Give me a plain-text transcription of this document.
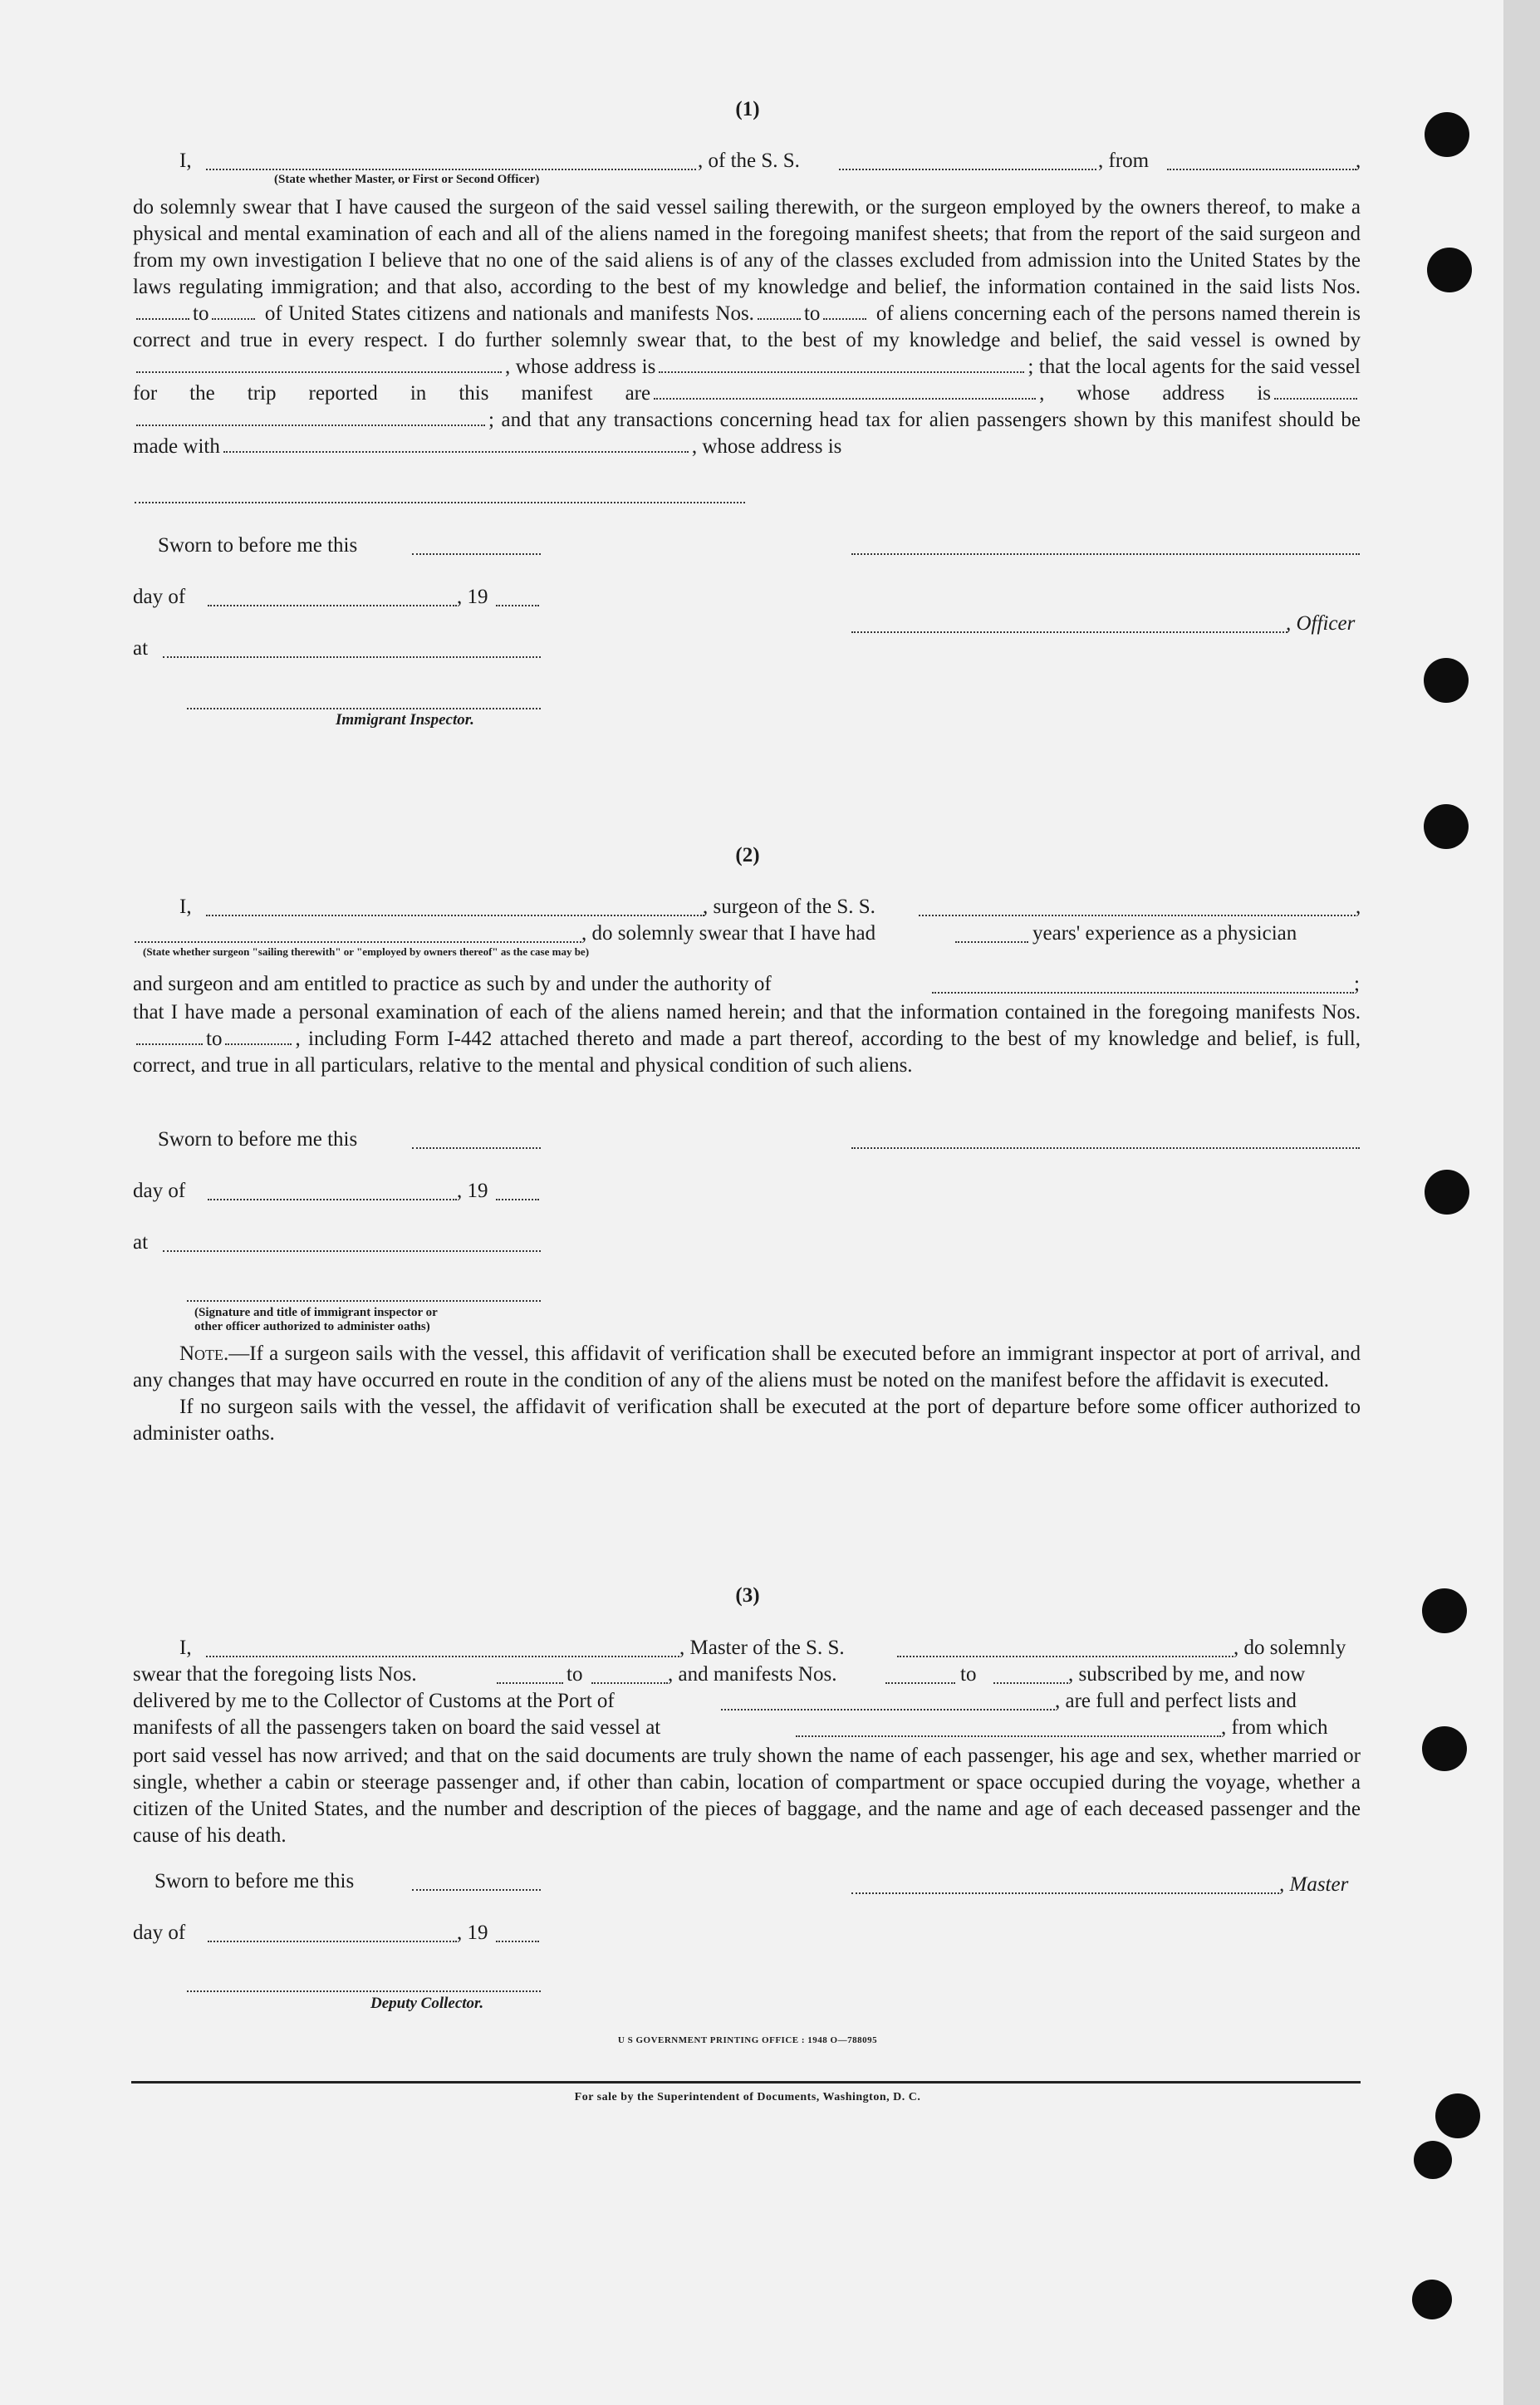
(1)
I,	, of the S. S.	, from	,
(State whether Master, or First or Second Officer)

do solemnly swear that I have caused the surgeon of the said vessel sailing therewith, or the surgeon employed by the owners thereof, to make a physical and mental examination of each and all of the aliens named in the foregoing manifest sheets; that from the report of the said surgeon and from my own investigation I believe that no one of the said aliens is of any of the classes excluded from admission into the United States by the laws regulating immigration; and that also, according to the best of my knowledge and belief, the information contained in the said lists Nos.to	of United States citizens and nationals and manifests Nos. to	of aliens concerning each of the persons named therein is correct and true in every respect. I do further solemnly swear that, to the best of my knowledge and belief, the said vessel is owned by, whose address is	; that the local agents for the said vessel for the trip reported in this manifest are	, whose address is; and that any transactions concerning head tax for alien passengers shown by this manifest should be made with	, whose address is

Sworn to before me this
day of	, 19
, Officer
at
Immigrant Inspector.
(2)
I,	, surgeon of the S. S.	,
, do solemnly swear that I have had	years' experience as a physician
(State whether surgeon "sailing therewith" or "employed by owners thereof" as the case may be)
and surgeon and am entitled to practice as such by and under the authority of	;

that I have made a personal examination of each of the aliens named herein; and that the information contained in the foregoing manifests Nos.to	, including Form I-442 attached thereto and made a part thereof, according to the best of my knowledge and belief, is full, correct, and true in all particulars, relative to the mental and physical condition of such aliens.

Sworn to before me this
day of	, 19
at
(Signature and title of immigrant inspector or
other officer authorized to administer oaths)

Note.—If a surgeon sails with the vessel, this affidavit of verification shall be executed before an immigrant inspector at port of arrival, and any changes that may have occurred en route in the condition of any of the aliens must be noted on the manifest before the affidavit is executed.

If no surgeon sails with the vessel, the affidavit of verification shall be executed at the port of departure before some officer authorized to administer oaths.

(3)
I,	, Master of the S. S.	, do solemnly
swear that the foregoing lists Nos.	to	, and manifests Nos.	to	, subscribed by me, and now
delivered by me to the Collector of Customs at the Port of	, are full and perfect lists and
manifests of all the passengers taken on board the said vessel at	, from which

port said vessel has now arrived; and that on the said documents are truly shown the name of each passenger, his age and sex, whether married or single, whether a cabin or steerage passenger and, if other than cabin, location of compartment or space occupied during the voyage, whether a citizen of the United States, and the number and description of the pieces of baggage, and the name and age of each deceased passenger and the cause of his death.

Sworn to before me this	, Master
day of	, 19
Deputy Collector.
U S GOVERNMENT PRINTING OFFICE : 1948 O—788095
For sale by the Superintendent of Documents, Washington, D. C.
